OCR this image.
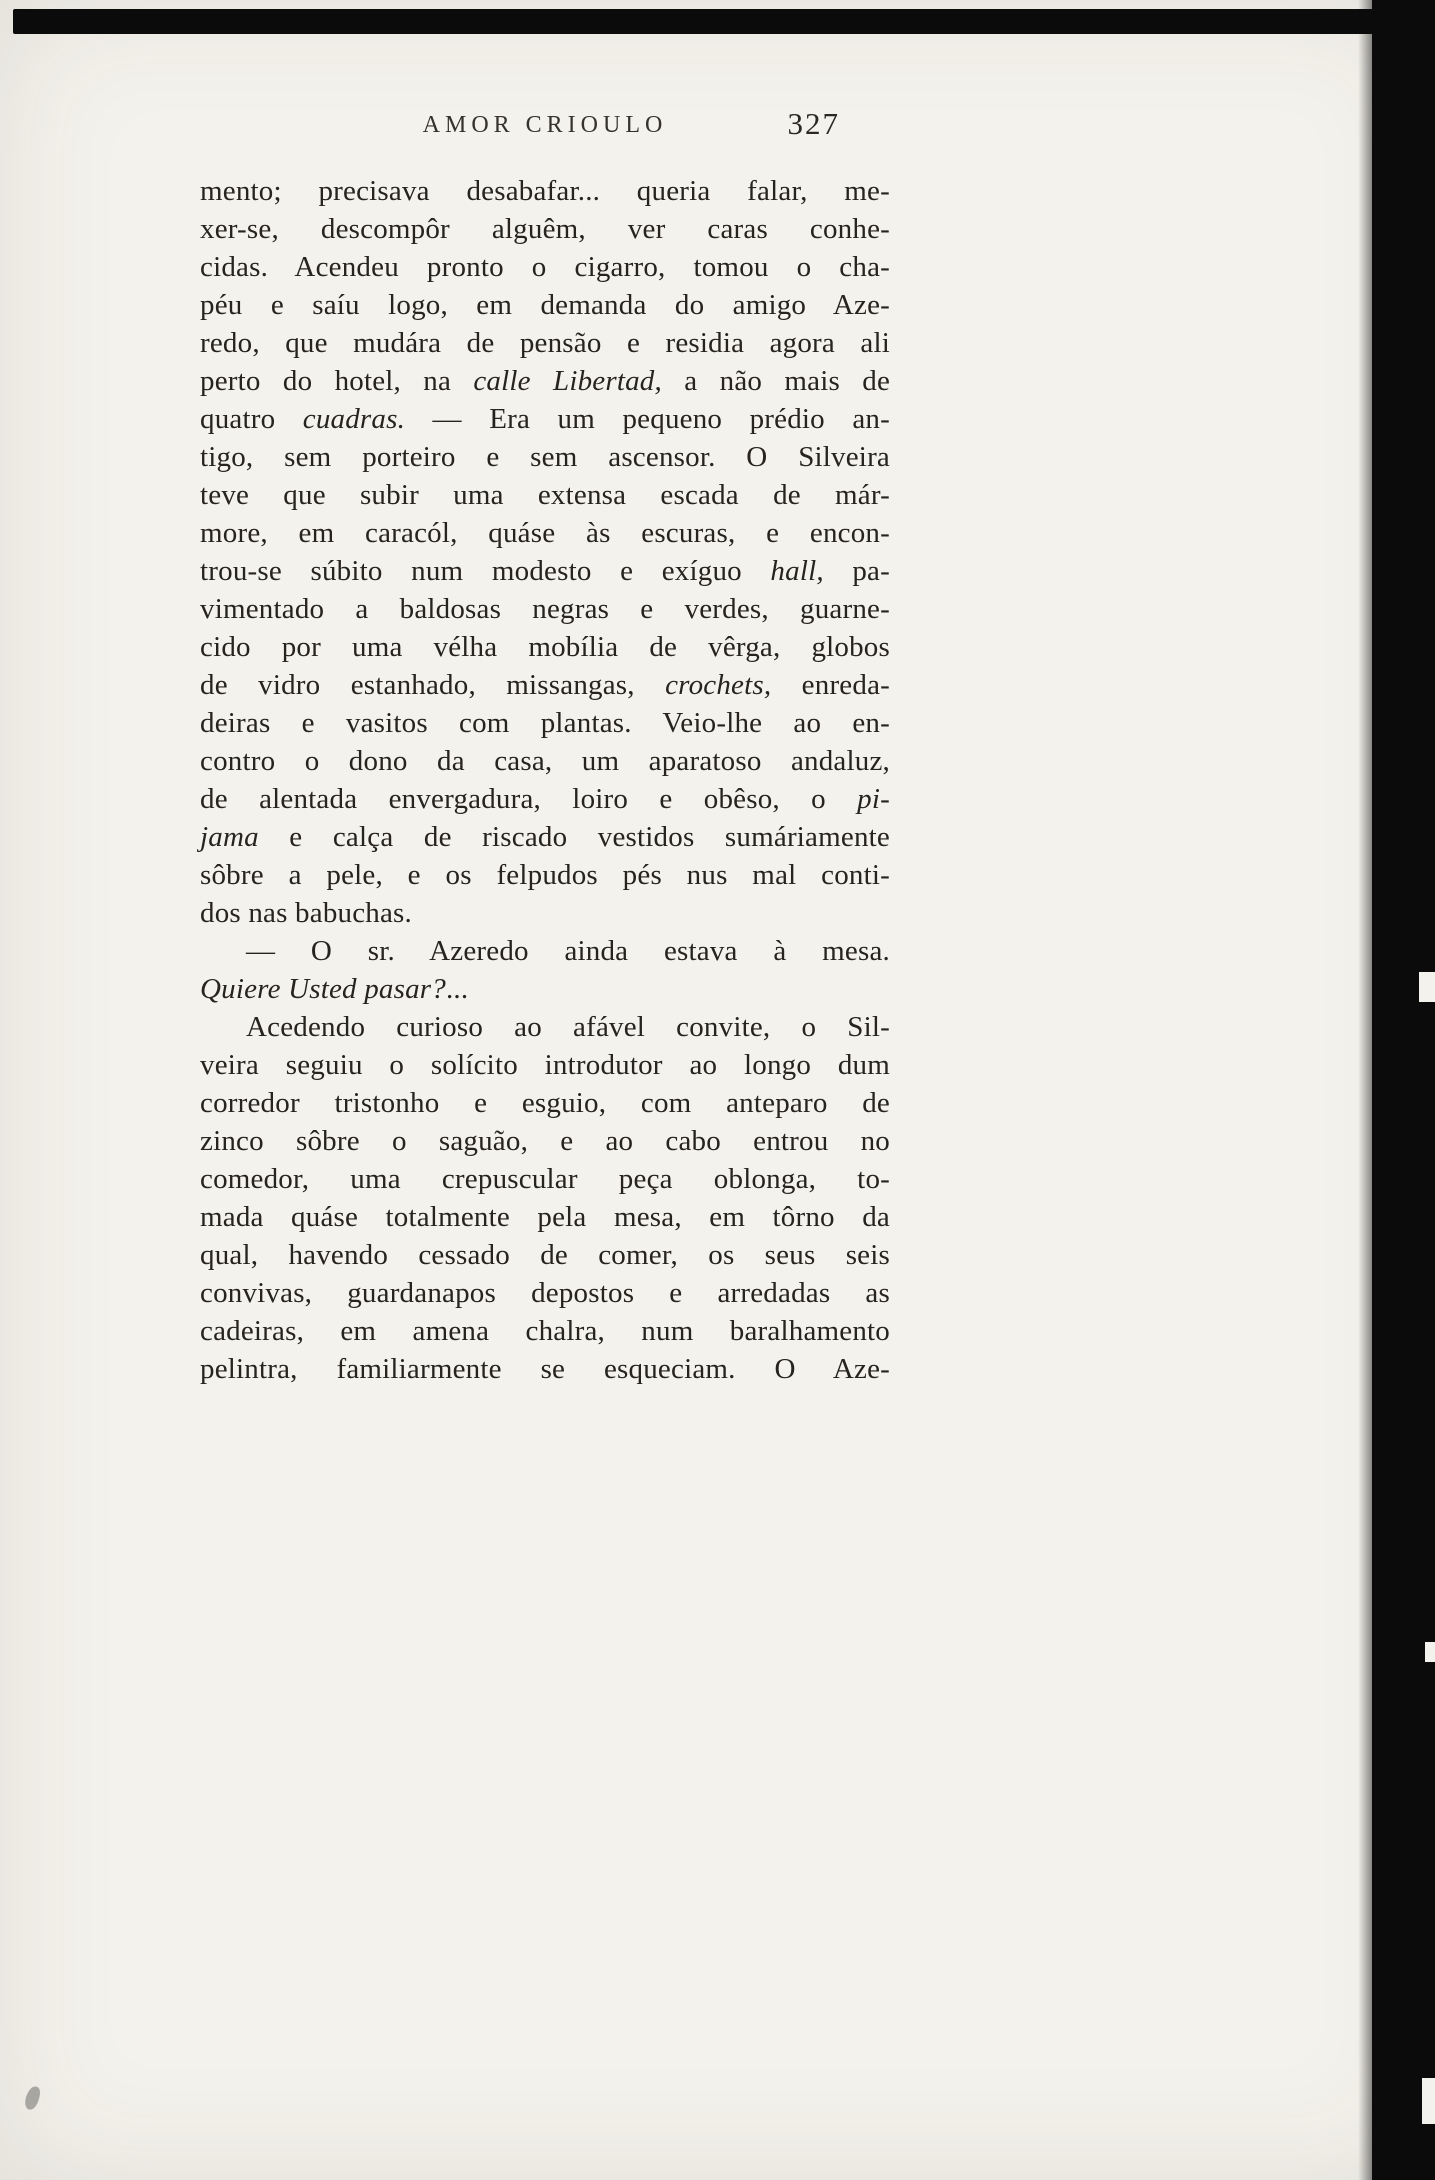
AMOR CRIOULO	327
mento; precisava desabafar... queria falar, me-
xer-se, descompôr alguêm, ver caras conhe-
cidas. Acendeu pronto o cigarro, tomou o cha-
péu e saíu logo, em demanda do amigo Aze-
redo, que mudára de pensão e residia agora ali
perto do hotel, na calle Libertad, a não mais de
quatro cuadras. — Era um pequeno prédio an-
tigo, sem porteiro e sem ascensor. O Silveira
teve que subir uma extensa escada de már-
more, em caracól, quáse às escuras, e encon-
trou-se súbito num modesto e exíguo hall, pa-
vimentado a baldosas negras e verdes, guarne-
cido por uma vélha mobília de vêrga, globos
de vidro estanhado, missangas, crochets, enreda-
deiras e vasitos com plantas. Veio-lhe ao en-
contro o dono da casa, um aparatoso andaluz,
de alentada envergadura, loiro e obêso, o pi-
jama e calça de riscado vestidos sumáriamente
sôbre a pele, e os felpudos pés nus mal conti-
dos nas babuchas.
— O sr. Azeredo ainda estava à mesa.
Quiere Usted pasar?...
Acedendo curioso ao afável convite, o Sil-
veira seguiu o solícito introdutor ao longo dum
corredor tristonho e esguio, com anteparo de
zinco sôbre o saguão, e ao cabo entrou no
comedor, uma crepuscular peça oblonga, to-
mada quáse totalmente pela mesa, em tôrno da
qual, havendo cessado de comer, os seus seis
convivas, guardanapos depostos e arredadas as
cadeiras, em amena chalra, num baralhamento
pelintra, familiarmente se esqueciam. O Aze-
